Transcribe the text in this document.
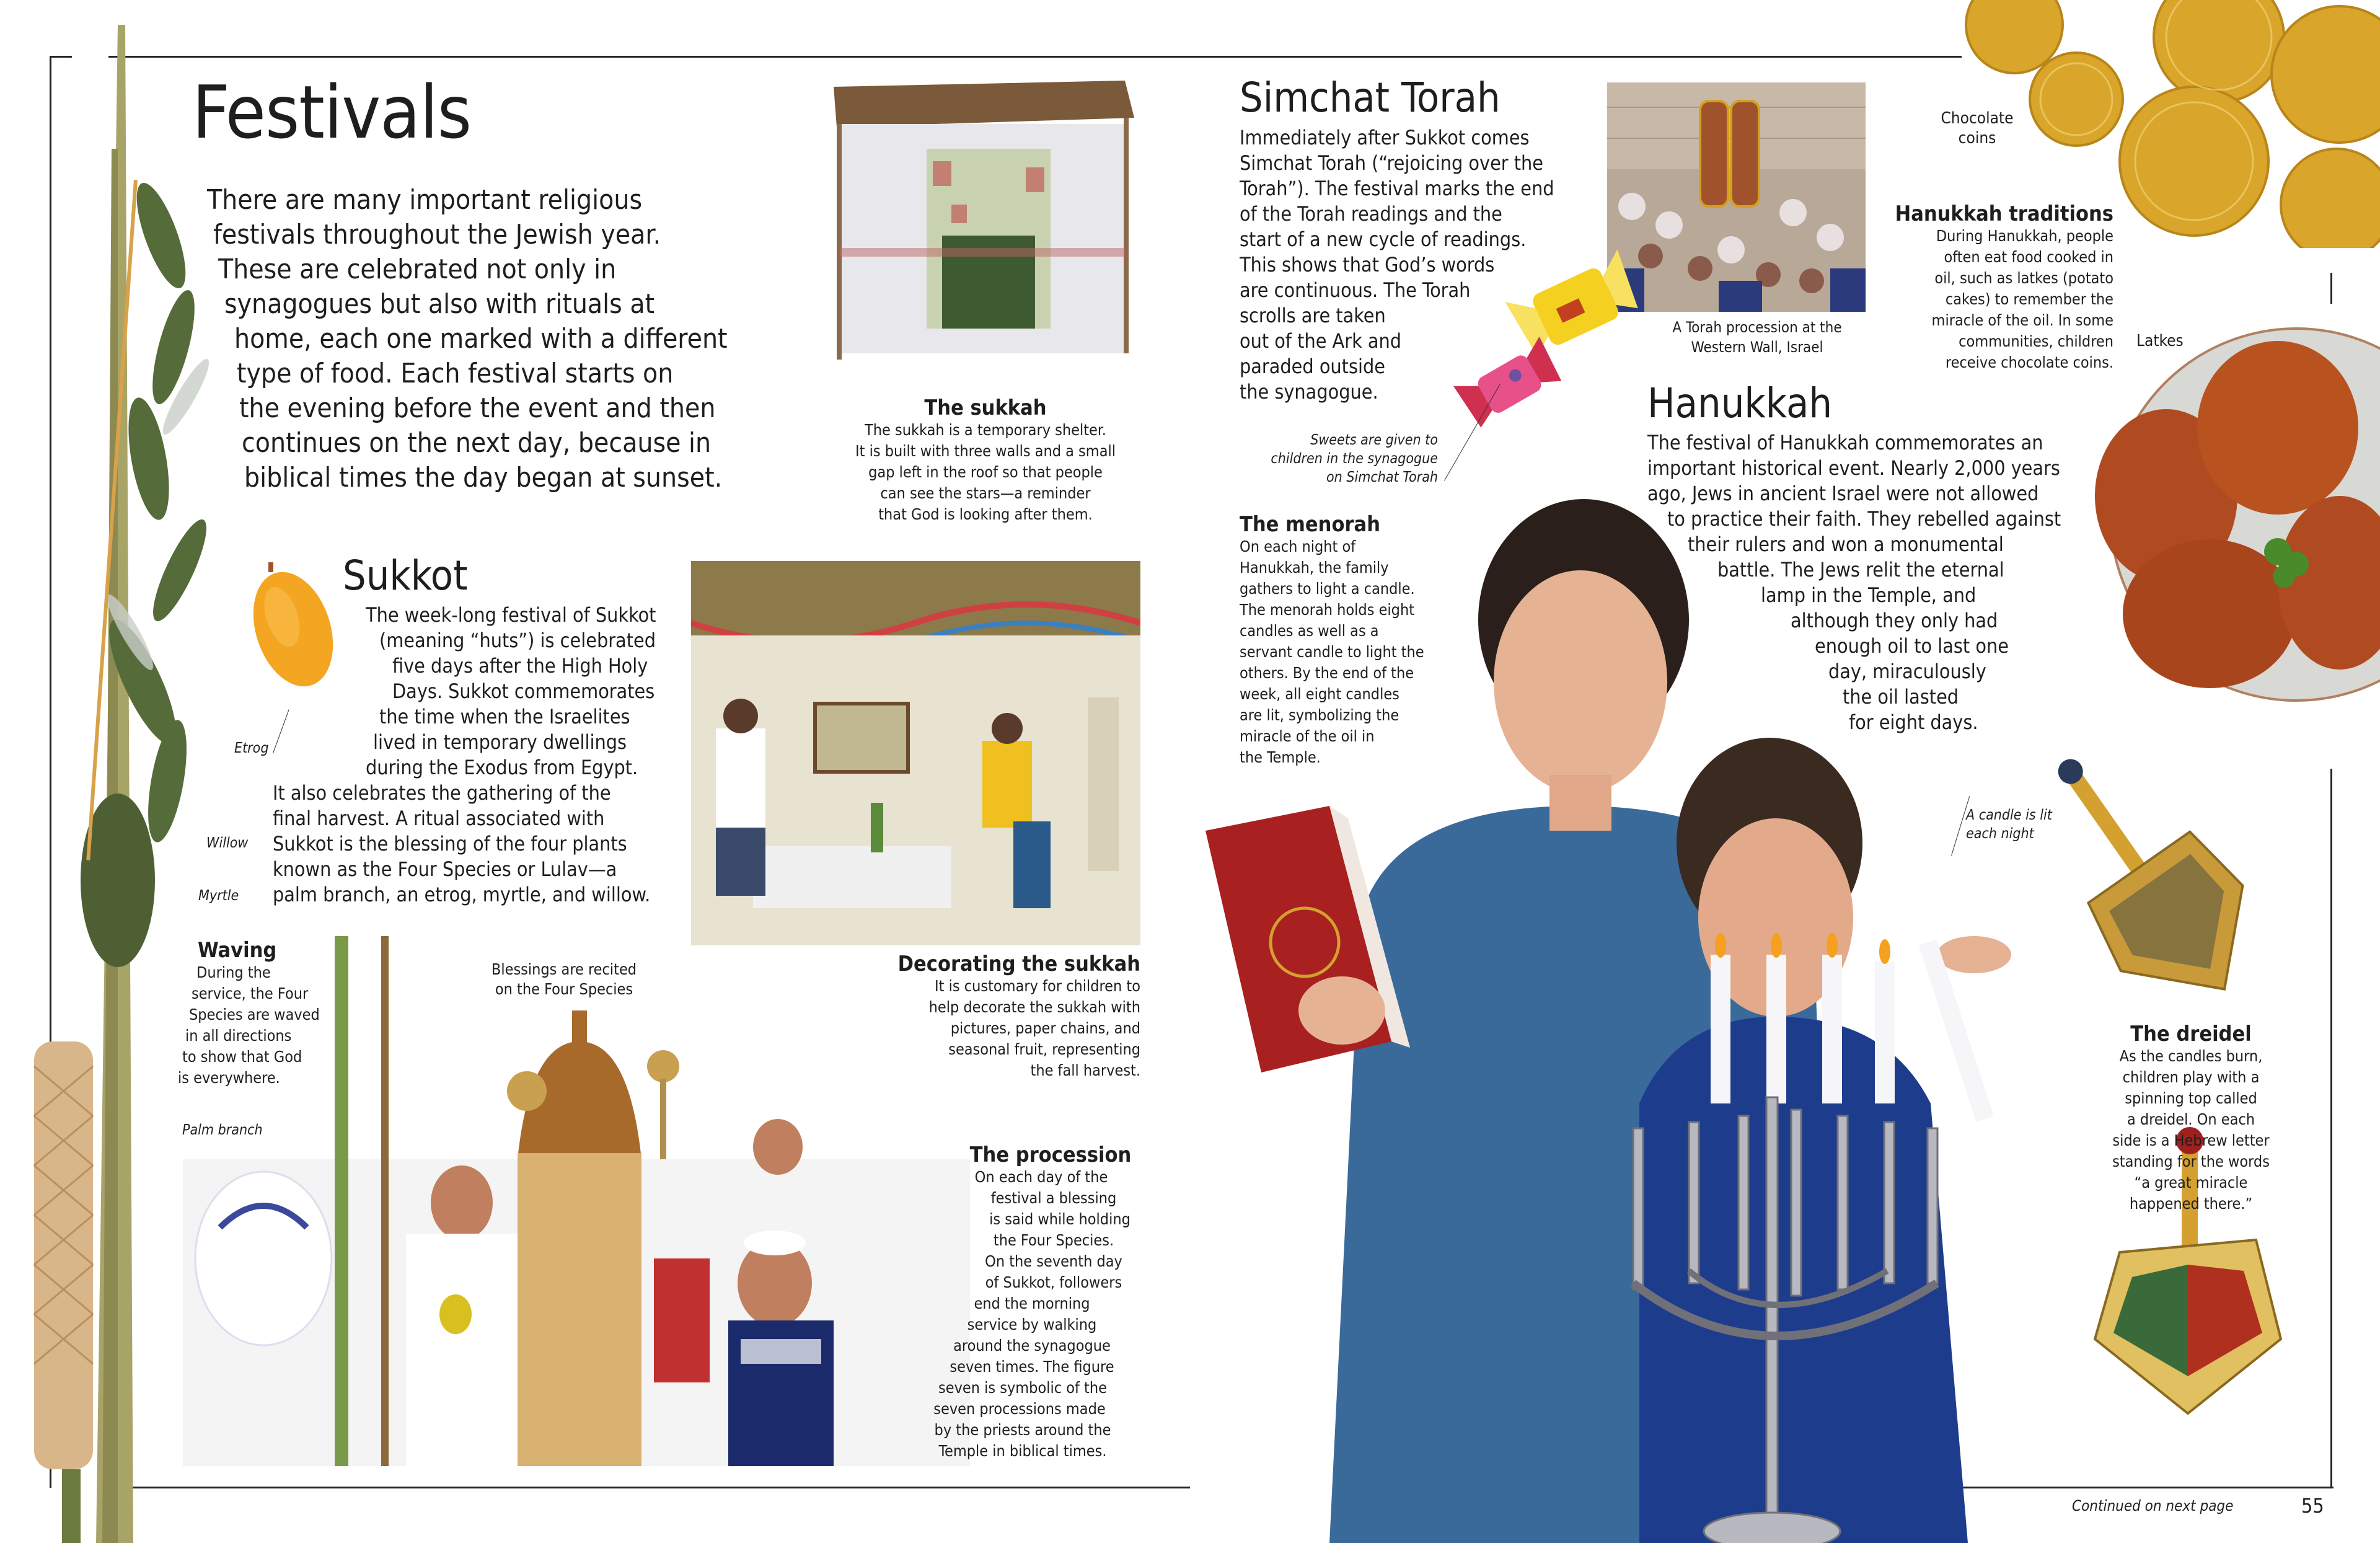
Festivals
There are many important religious
festivals throughout the Jewish year.
These are celebrated not only in
synagogues but also with rituals at
home, each one marked with a different
type of food. Each festival starts on
the evening before the event and then
continues on the next day, because in
biblical times the day began at sunset.
The sukkah
The sukkah is a temporary shelter.
It is built with three walls and a small
gap left in the roof so that people
can see the stars—a reminder
that God is looking after them.
Etrog
Sukkot
The week-long festival of Sukkot
(meaning “huts”) is celebrated
five days after the High Holy
Days. Sukkot commemorates
the time when the Israelites
lived in temporary dwellings
during the Exodus from Egypt.
It also celebrates the gathering of the
final harvest. A ritual associated with
Sukkot is the blessing of the four plants
known as the Four Species or Lulav—a
palm branch, an etrog, myrtle, and willow.
Willow
Myrtle
Palm branch
Decorating the sukkah
It is customary for children to
help decorate the sukkah with
pictures, paper chains, and
seasonal fruit, representing
the fall harvest.
Waving
During the
service, the Four
Species are waved
in all directions
to show that God
is everywhere.
Blessings are recited
on the Four Species
The procession
On each day of the
festival a blessing
is said while holding
the Four Species.
On the seventh day
of Sukkot, followers
end the morning
service by walking
around the synagogue
seven times. The figure
seven is symbolic of the
seven processions made
by the priests around the
Temple in biblical times.
Simchat Torah
Immediately after Sukkot comes
Simchat Torah (“rejoicing over the
Torah”). The festival marks the end
of the Torah readings and the
start of a new cycle of readings.
This shows that God’s words
are continuous. The Torah
scrolls are taken
out of the Ark and
paraded outside
the synagogue.
A Torah procession at the
Western Wall, Israel
Sweets are given to
children in the synagogue
on Simchat Torah
Chocolate
coins
Hanukkah traditions
During Hanukkah, people
often eat food cooked in
oil, such as latkes (potato
cakes) to remember the
miracle of the oil. In some
communities, children
receive chocolate coins.
Latkes
Hanukkah
The festival of Hanukkah commemorates an
important historical event. Nearly 2,000 years
ago, Jews in ancient Israel were not allowed
to practice their faith. They rebelled against
their rulers and won a monumental
battle. The Jews relit the eternal
lamp in the Temple, and
although they only had
enough oil to last one
day, miraculously
the oil lasted
for eight days.
The menorah
On each night of
Hanukkah, the family
gathers to light a candle.
The menorah holds eight
candles as well as a
servant candle to light the
others. By the end of the
week, all eight candles
are lit, symbolizing the
miracle of the oil in
the Temple.
A candle is lit
each night
The dreidel
As the candles burn,
children play with a
spinning top called
a dreidel. On each
side is a Hebrew letter
standing for the words
“a great miracle
happened there.”
Continued on next page	55
